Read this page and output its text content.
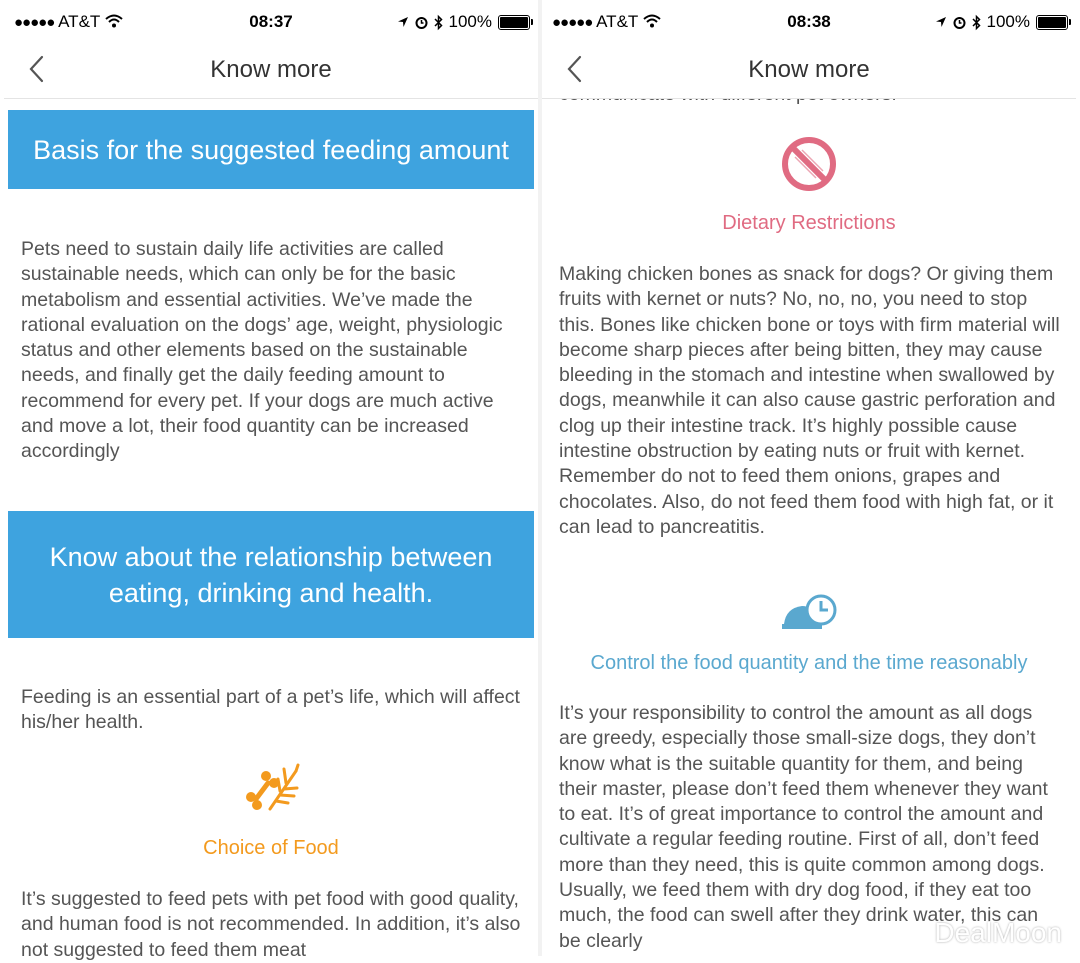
●●●●● AT&T	08:37	100%
Know more
Basis for the suggested feeding amount
Pets need to sustain daily life activities are called sustainable needs, which can only be for the basic metabolism and essential activities. We’ve made the rational evaluation on the dogs’ age, weight, physiologic status and other elements based on the sustainable needs, and finally get the daily feeding amount to recommend for every pet. If your dogs are much active and move a lot, their food quantity can be increased accordingly
Know about the relationship between eating, drinking and health.
Feeding is an essential part of a pet’s life, which will affect his/her health.
Choice of Food
It’s suggested to feed pets with pet food with good quality, and human food is not recommended. In addition, it’s also not suggested to feed them meat
●●●●● AT&T	08:38	100%
Know more
Dietary Restrictions
Making chicken bones as snack for dogs? Or giving them fruits with kernet or nuts? No, no, no, you need to stop this. Bones like chicken bone or toys with firm material will become sharp pieces after being bitten, they may cause bleeding in the stomach and intestine when swallowed by dogs, meanwhile it can also cause gastric perforation and clog up their intestine track. It’s highly possible cause intestine obstruction by eating nuts or fruit with kernet. Remember do not to feed them onions, grapes and chocolates. Also, do not feed them food with high fat, or it can lead to pancreatitis.
Control the food quantity and the time reasonably
It’s your responsibility to control the amount as all dogs are greedy, especially those small-size dogs, they don’t know what is the suitable quantity for them, and being their master, please don’t feed them whenever they want to eat. It’s of great importance to control the amount and cultivate a regular feeding routine. First of all, don’t feed more than they need, this is quite common among dogs. Usually, we feed them with dry dog food, if they eat too much, the food can swell after they drink water, this can be clearly	DealMoon
